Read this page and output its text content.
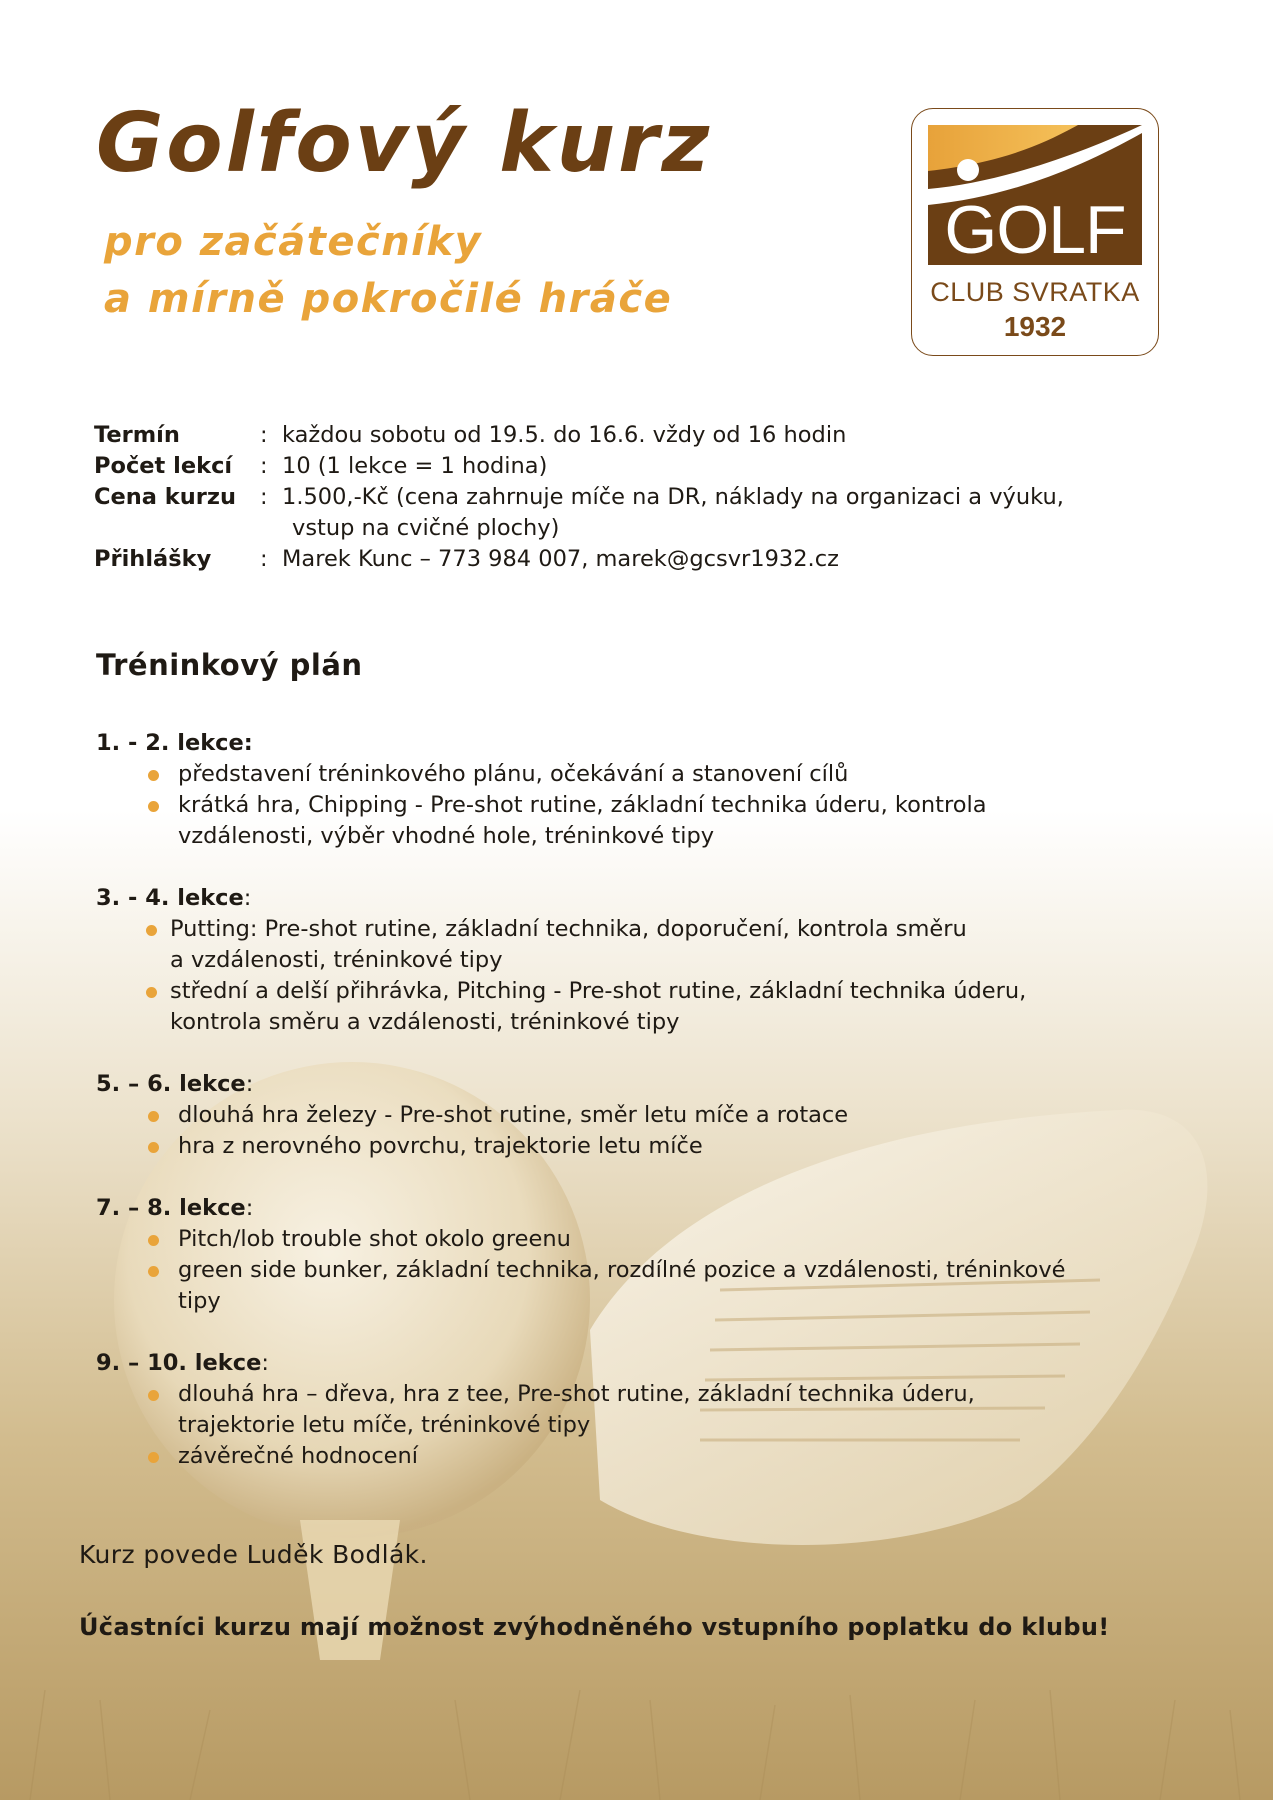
Golfový kurz
pro začátečníky
a mírně pokročilé hráče
GOLF
CLUB SVRATKA
1932
Termín	: každou sobotu od 19.5. do 16.6. vždy od 16 hodin
Počet lekcí	: 10 (1 lekce = 1 hodina)
Cena kurzu	: 1.500,-Kč (cena zahrnuje míče na DR, náklady na organizaci a výuku,
vstup na cvičné plochy)
Přihlášky	: Marek Kunc – 773 984 007, marek@gcsvr1932.cz
Tréninkový plán
1. - 2. lekce:
představení tréninkového plánu, očekávání a stanovení cílů
krátká hra, Chipping - Pre-shot rutine, základní technika úderu, kontrola
vzdálenosti, výběr vhodné hole, tréninkové tipy
3. - 4. lekce:
Putting: Pre-shot rutine, základní technika, doporučení, kontrola směru
a vzdálenosti, tréninkové tipy
střední a delší přihrávka, Pitching - Pre-shot rutine, základní technika úderu,
kontrola směru a vzdálenosti, tréninkové tipy
5. – 6. lekce:
dlouhá hra železy - Pre-shot rutine, směr letu míče a rotace
hra z nerovného povrchu, trajektorie letu míče
7. – 8. lekce:
Pitch/lob trouble shot okolo greenu
green side bunker, základní technika, rozdílné pozice a vzdálenosti, tréninkové
tipy
9. – 10. lekce:
dlouhá hra – dřeva, hra z tee, Pre-shot rutine, základní technika úderu,
trajektorie letu míče, tréninkové tipy
závěrečné hodnocení

Kurz povede Luděk Bodlák.

Účastníci kurzu mají možnost zvýhodněného vstupního poplatku do klubu!
